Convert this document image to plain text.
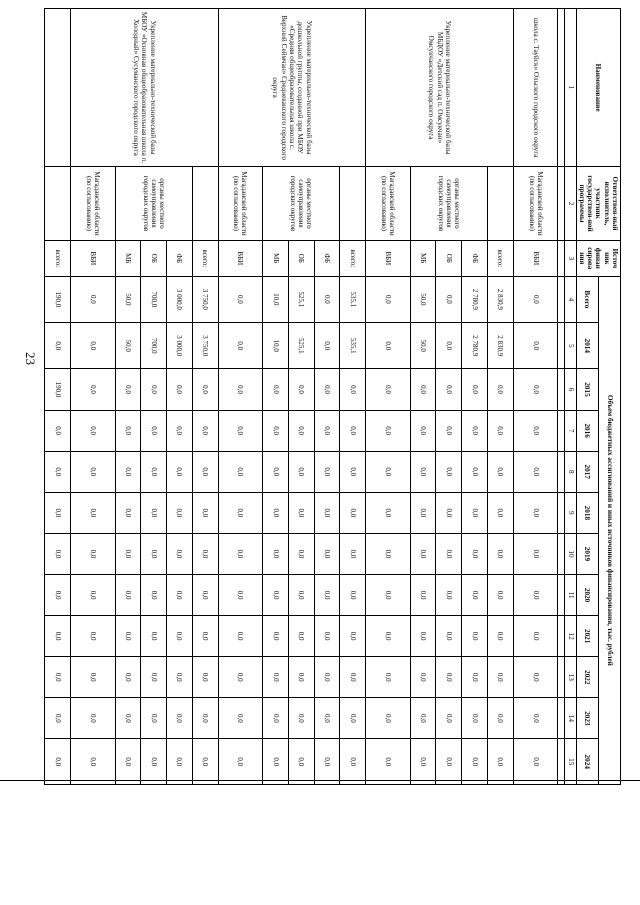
23
Наименование	Ответствен-ный исполнитель, участник государствен-ной программы	Источ ник финан сирова ния	Объем бюджетных ассигнований и иных источников финансирования, тыс. рублей											
			Всего	2014	2015	2016	2017	2018	2019	2020	2021	2022	2023	2024
1	2	3	4	5	6	7	8	9	10	11	12	13	14	15

школа с. Тауйск» Ольского городского округа	Магаданской области (по согласованию)	ВБИ	0,0	0,0	0,0	0,0	0,0	0,0	0,0	0,0	0,0	0,0	0,0	0,0
Укрепление материально-технической базы МБДОУ «Детский сад п. Омсукчан» Омсукчанского городского округа		всего:	2 830,9	2 830,9	0,0	0,0	0,0	0,0	0,0	0,0	0,0	0,0	0,0	0,0
	органы местного самоуправления городских округов	ФБ	2 780,9	2 780,9	0,0	0,0	0,0	0,0	0,0	0,0	0,0	0,0	0,0	0,0
		ОБ	0,0	0,0	0,0	0,0	0,0	0,0	0,0	0,0	0,0	0,0	0,0	0,0
		МБ	50,0	50,0	0,0	0,0	0,0	0,0	0,0	0,0	0,0	0,0	0,0	0,0
	Магаданской области (по согласованию)	ВБИ	0,0	0,0	0,0	0,0	0,0	0,0	0,0	0,0	0,0	0,0	0,0	0,0
Укрепление материально-технической базы дошкольной группы, созданной при МБОУ «Средняя общеобразовательная школа с. Верхний Сеймчан» Среднеканского городского округа		всего:	535,1	535,1	0,0	0,0	0,0	0,0	0,0	0,0	0,0	0,0	0,0	0,0
	органы местного самоуправления городских округов	ФБ	0,0	0,0	0,0	0,0	0,0	0,0	0,0	0,0	0,0	0,0	0,0	0,0
		ОБ	525,1	525,1	0,0	0,0	0,0	0,0	0,0	0,0	0,0	0,0	0,0	0,0
		МБ	10,0	10,0	0,0	0,0	0,0	0,0	0,0	0,0	0,0	0,0	0,0	0,0
	Магаданской области (по согласованию)	ВБИ	0,0	0,0	0,0	0,0	0,0	0,0	0,0	0,0	0,0	0,0	0,0	0,0
Укрепление материально-технической базы МБОУ «Основная общеобразовательная школа п. Холодный» Сусуманского городского округа		всего:	3 750,0	3 750,0	0,0	0,0	0,0	0,0	0,0	0,0	0,0	0,0	0,0	0,0
	органы местного самоуправления городских округов	ФБ	3 000,0	3 000,0	0,0	0,0	0,0	0,0	0,0	0,0	0,0	0,0	0,0	0,0
		ОБ	700,0	700,0	0,0	0,0	0,0	0,0	0,0	0,0	0,0	0,0	0,0	0,0
		МБ	50,0	50,0	0,0	0,0	0,0	0,0	0,0	0,0	0,0	0,0	0,0	0,0
	Магаданской области (по согласованию)	ВБИ	0,0	0,0	0,0	0,0	0,0	0,0	0,0	0,0	0,0	0,0	0,0	0,0
		всего:	190,0	0,0	190,0	0,0	0,0	0,0	0,0	0,0	0,0	0,0	0,0	0,0
